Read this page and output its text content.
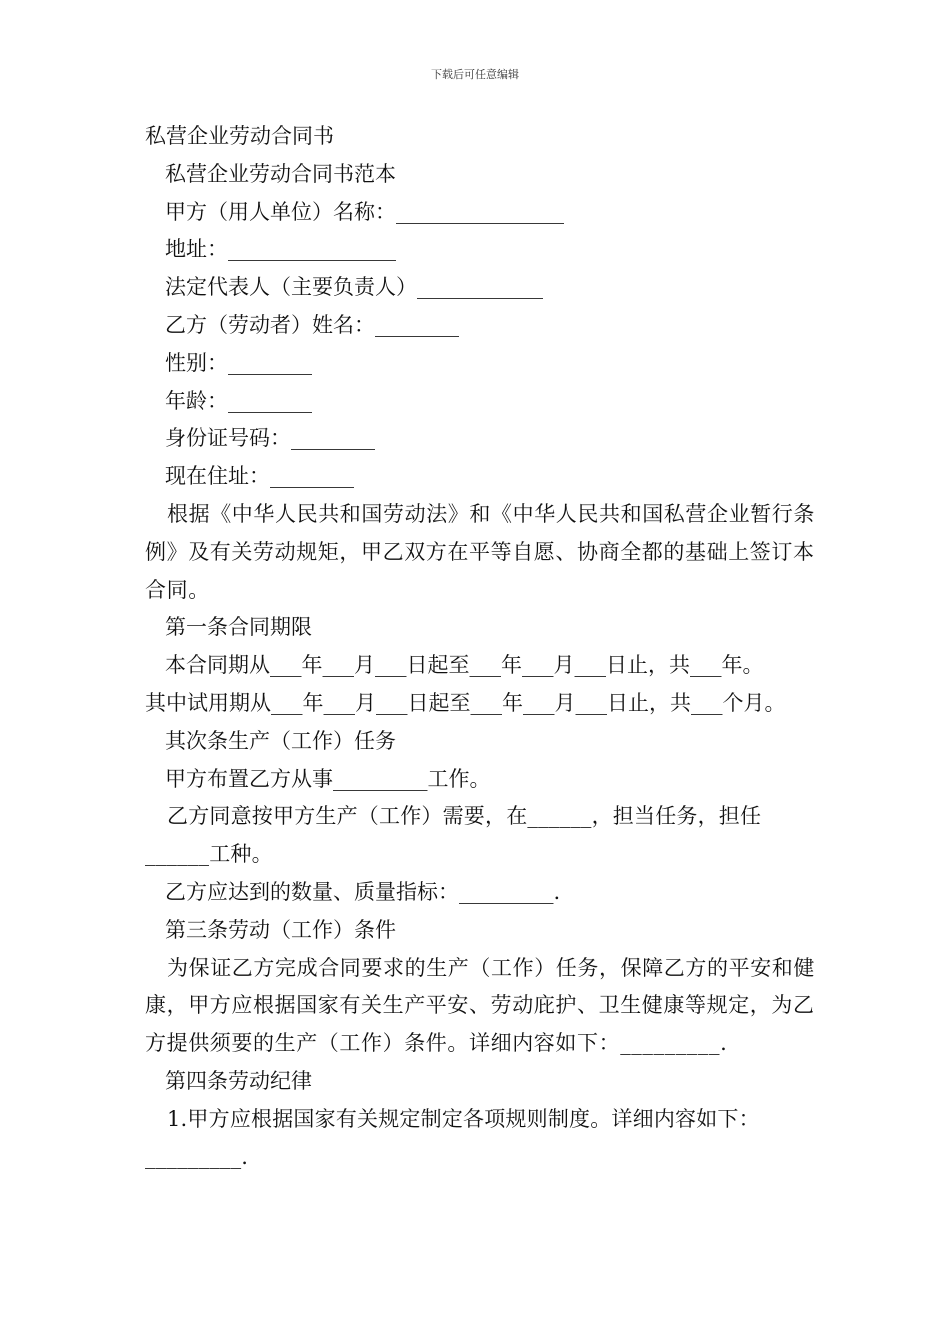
下载后可任意编辑
私营企业劳动合同书
私营企业劳动合同书范本
甲方（用人单位）名称：________________
地址：________________
法定代表人（主要负责人）____________
乙方（劳动者）姓名：________
性别：________
年龄：________
身份证号码：________
现在住址：________
根据《中华人民共和国劳动法》和《中华人民共和国私营企业暂行条例》及有关劳动规矩，甲乙双方在平等自愿、协商全都的基础上签订本合同。
第一条合同期限
本合同期从___年___月___日起至___年___月___日止，共___年。
其中试用期从___年___月___日起至___年___月___日止，共___个月。
其次条生产（工作）任务
甲方布置乙方从事_________工作。
乙方同意按甲方生产（工作）需要，在______，担当任务，担任______工种。
乙方应达到的数量、质量指标：_________.
第三条劳动（工作）条件
为保证乙方完成合同要求的生产（工作）任务，保障乙方的平安和健康，甲方应根据国家有关生产平安、劳动庇护、卫生健康等规定，为乙方提供须要的生产（工作）条件。详细内容如下：_________.
第四条劳动纪律
1.甲方应根据国家有关规定制定各项规则制度。详细内容如下：_________.
